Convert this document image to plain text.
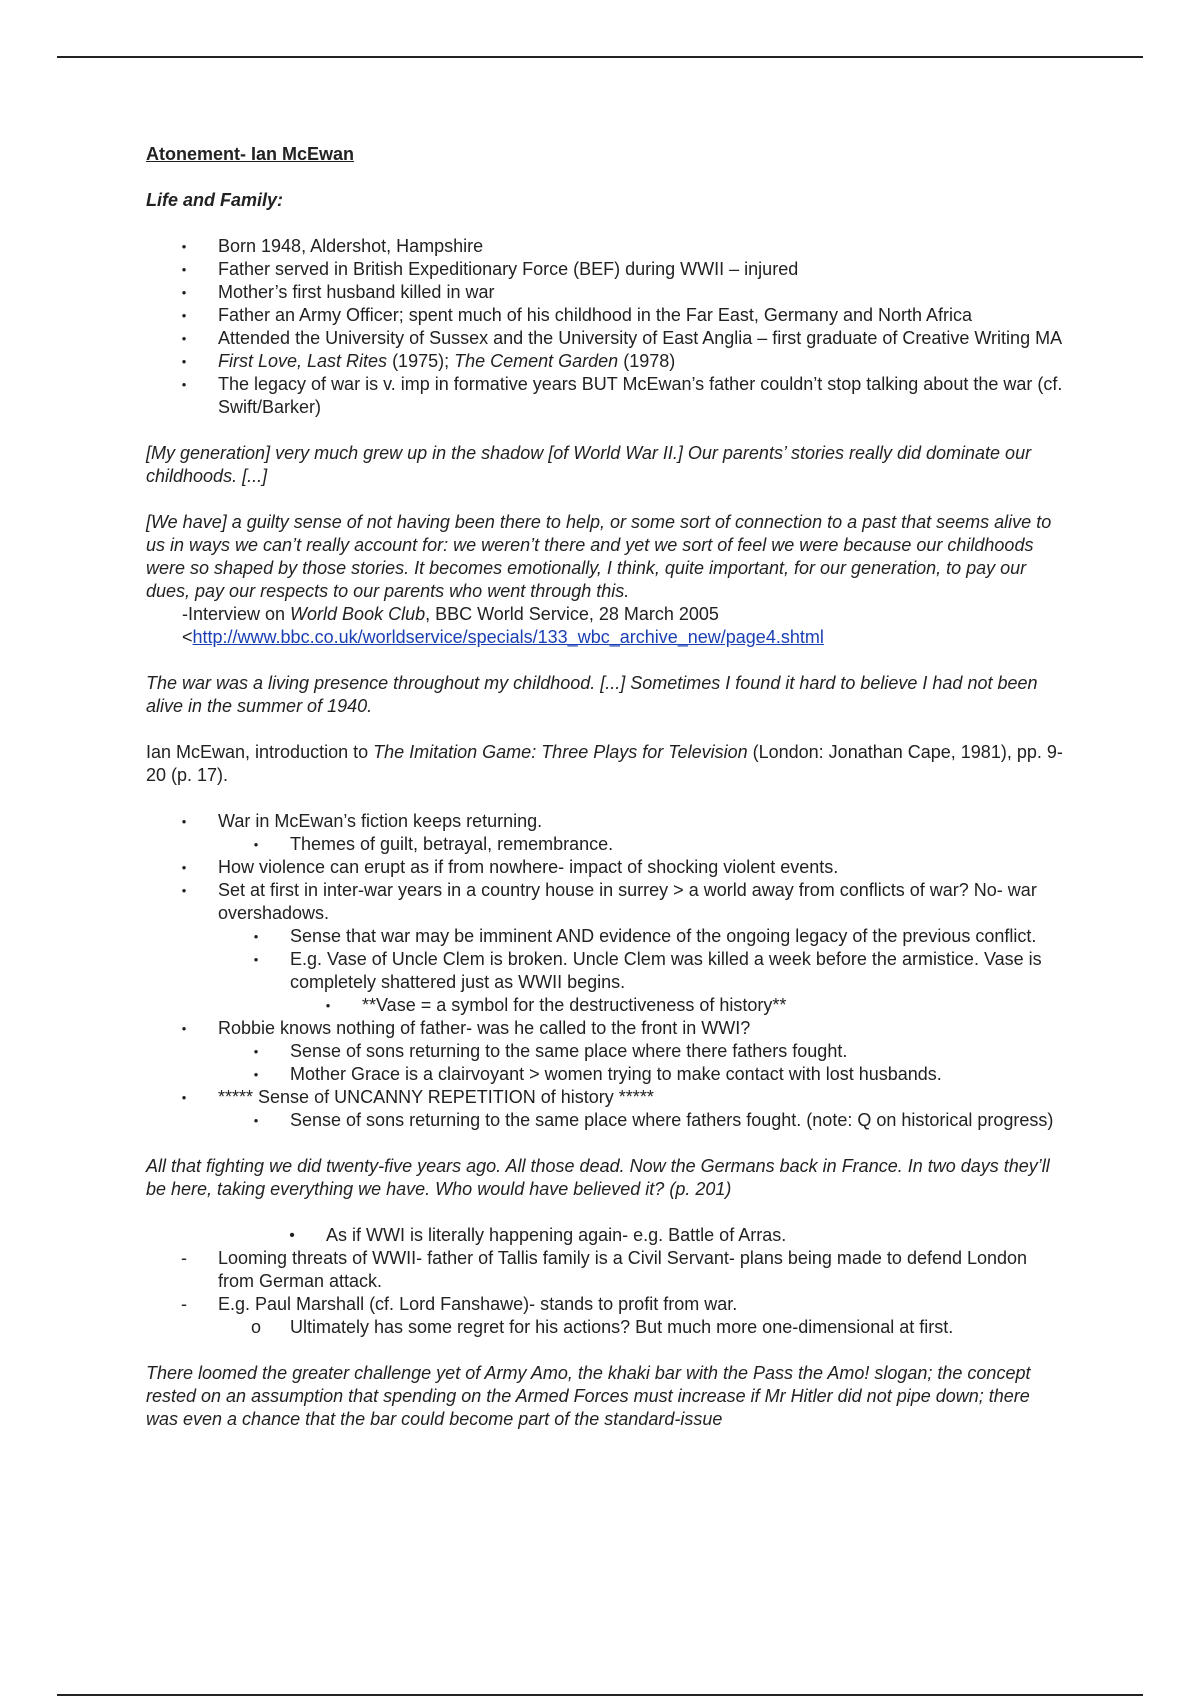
Atonement- Ian McEwan

Life and Family:

•	Born 1948, Aldershot, Hampshire
•	Father served in British Expeditionary Force (BEF) during WWII – injured
•	Mother’s first husband killed in war
•	Father an Army Officer; spent much of his childhood in the Far East, Germany and North Africa
•	Attended the University of Sussex and the University of East Anglia – first graduate of Creative Writing MA
•	First Love, Last Rites (1975); The Cement Garden (1978)
•	The legacy of war is v. imp in formative years BUT McEwan’s father couldn’t stop talking about the war (cf. Swift/Barker)

[My generation] very much grew up in the shadow [of World War II.] Our parents’ stories really did dominate our childhoods. [...]

[We have] a guilty sense of not having been there to help, or some sort of connection to a past that seems alive to us in ways we can’t really account for: we weren’t there and yet we sort of feel we were because our childhoods were so shaped by those stories. It becomes emotionally, I think, quite important, for our generation, to pay our dues, pay our respects to our parents who went through this.

-Interview on World Book Club, BBC World Service, 28 March 2005

<http://www.bbc.co.uk/worldservice/specials/133_wbc_archive_new/page4.shtml

The war was a living presence throughout my childhood. [...] Sometimes I found it hard to believe I had not been alive in the summer of 1940.

Ian McEwan, introduction to The Imitation Game: Three Plays for Television (London: Jonathan Cape, 1981), pp. 9-20 (p. 17).

•	War in McEwan’s fiction keeps returning.
•	Themes of guilt, betrayal, remembrance.
•	How violence can erupt as if from nowhere- impact of shocking violent events.
•	Set at first in inter-war years in a country house in surrey > a world away from conflicts of war? No- war overshadows.
•	Sense that war may be imminent AND evidence of the ongoing legacy of the previous conflict.
•	E.g. Vase of Uncle Clem is broken. Uncle Clem was killed a week before the armistice. Vase is completely shattered just as WWII begins.
•	**Vase = a symbol for the destructiveness of history**
•	Robbie knows nothing of father- was he called to the front in WWI?
•	Sense of sons returning to the same place where there fathers fought.
•	Mother Grace is a clairvoyant > women trying to make contact with lost husbands.
•	***** Sense of UNCANNY REPETITION of history *****
•	Sense of sons returning to the same place where fathers fought. (note: Q on historical progress)

All that fighting we did twenty-five years ago. All those dead. Now the Germans back in France. In two days they’ll be here, taking everything we have. Who would have believed it? (p. 201)

•	As if WWI is literally happening again- e.g. Battle of Arras.
-	Looming threats of WWII- father of Tallis family is a Civil Servant- plans being made to defend London from German attack.
-	E.g. Paul Marshall (cf. Lord Fanshawe)- stands to profit from war.
o Ultimately has some regret for his actions? But much more one-dimensional at first.

There loomed the greater challenge yet of Army Amo, the khaki bar with the Pass the Amo! slogan; the concept rested on an assumption that spending on the Armed Forces must increase if Mr Hitler did not pipe down; there was even a chance that the bar could become part of the standard-issue
